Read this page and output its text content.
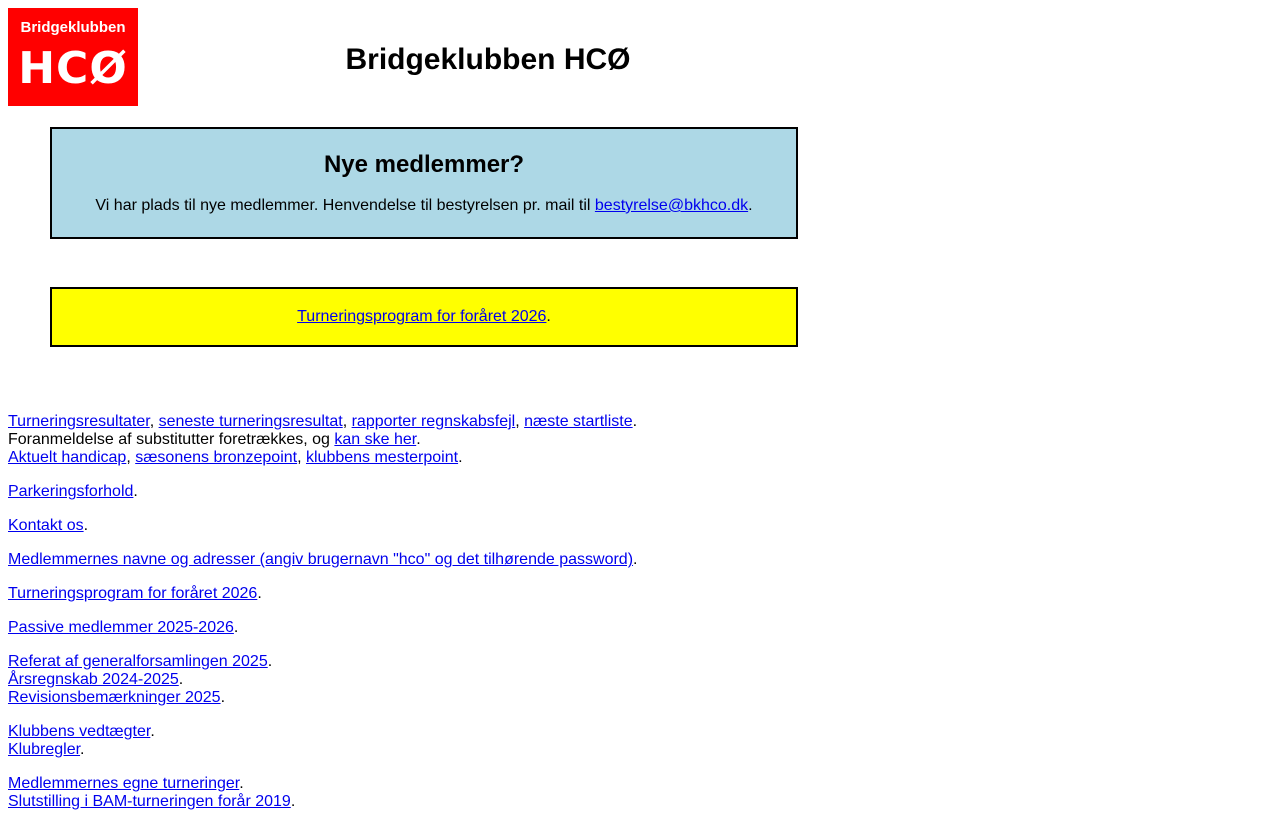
Bridgeklubben
HCØ	Bridgeklubben HCØ
Nye medlemmer?

Vi har plads til nye medlemmer. Henvendelse til bestyrelsen pr. mail til bestyrelse@bkhco.dk.

Turneringsprogram for foråret 2026.

Turneringsresultater, seneste turneringsresultat, rapporter regnskabsfejl, næste startliste.
Foranmeldelse af substitutter foretrækkes, og kan ske her.
Aktuelt handicap, sæsonens bronzepoint, klubbens mesterpoint.

Parkeringsforhold.

Kontakt os.

Medlemmernes navne og adresser (angiv brugernavn "hco" og det tilhørende password).

Turneringsprogram for foråret 2026.

Passive medlemmer 2025-2026.

Referat af generalforsamlingen 2025.
Årsregnskab 2024-2025.
Revisionsbemærkninger 2025.

Klubbens vedtægter.
Klubregler.

Medlemmernes egne turneringer.
Slutstilling i BAM-turneringen forår 2019.
